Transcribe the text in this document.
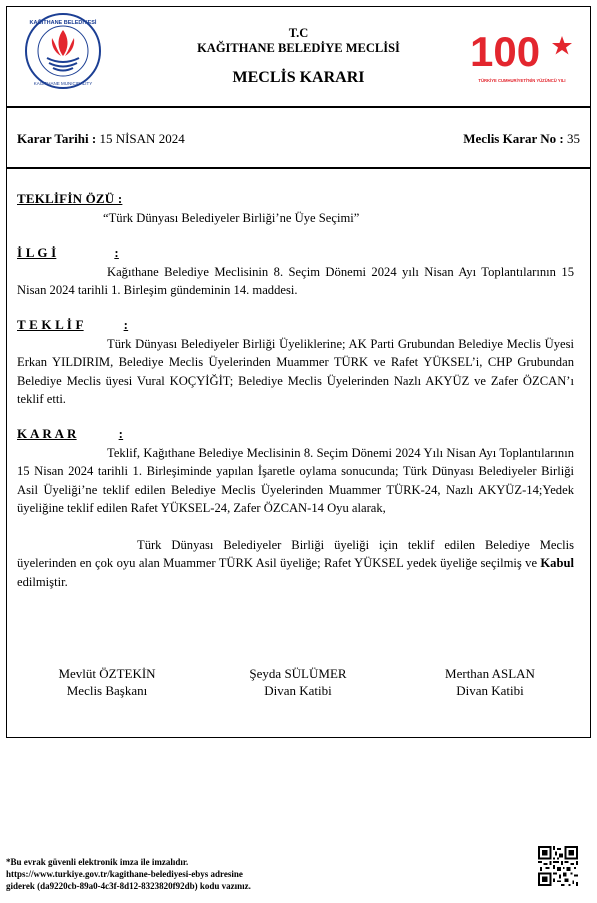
KAĞITHANE BELEDİYESİ
KAĞITHANE MUNICIPALITY
T.C
KAĞITHANE BELEDİYE MECLİSİ
MECLİS KARARI
100
TÜRKİYE CUMHURİYETİ'NİN YÜZÜNCÜ YILI
Karar Tarihi : 15 NİSAN 2024	Meclis Karar No : 35
TEKLİFİN ÖZÜ :
“Türk Dünyası Belediyeler Birliği’ne Üye Seçimi”
İ L G İ	:
Kağıthane Belediye Meclisinin 8. Seçim Dönemi 2024 yılı Nisan Ayı Toplantılarının 15 Nisan 2024 tarihli 1. Birleşim gündeminin 14. maddesi.
T E K L İ F	:
Türk Dünyası Belediyeler Birliği Üyeliklerine; AK Parti Grubundan Belediye Meclis Üyesi Erkan YILDIRIM, Belediye Meclis Üyelerinden Muammer TÜRK ve Rafet YÜKSEL’i, CHP Grubundan Belediye Meclis üyesi Vural KOÇYİĞİT; Belediye Meclis Üyelerinden Nazlı AKYÜZ ve Zafer ÖZCAN’ı teklif etti.
K A R A R	:
Teklif, Kağıthane Belediye Meclisinin 8. Seçim Dönemi 2024 Yılı Nisan Ayı Toplantılarının 15 Nisan 2024 tarihli 1. Birleşiminde yapılan İşaretle oylama sonucunda; Türk Dünyası Belediyeler Birliği Asil Üyeliği’ne teklif edilen Belediye Meclis Üyelerinden Muammer TÜRK-24, Nazlı AKYÜZ-14;Yedek üyeliğine teklif edilen Rafet YÜKSEL-24, Zafer ÖZCAN-14 Oyu alarak,
Türk Dünyası Belediyeler Birliği üyeliği için teklif edilen Belediye Meclis üyelerinden en çok oyu alan Muammer TÜRK Asil üyeliğe; Rafet YÜKSEL yedek üyeliğe seçilmiş ve Kabul edilmiştir.
Mevlüt ÖZTEKİN
Meclis Başkanı
Şeyda SÜLÜMER
Divan Katibi
Merthan ASLAN
Divan Katibi
*Bu evrak güvenli elektronik imza ile imzalıdır.
https://www.turkiye.gov.tr/kagithane-belediyesi-ebys adresine
giderek (da9220cb-89a0-4c3f-8d12-8323820f92db) kodu vazınız.
